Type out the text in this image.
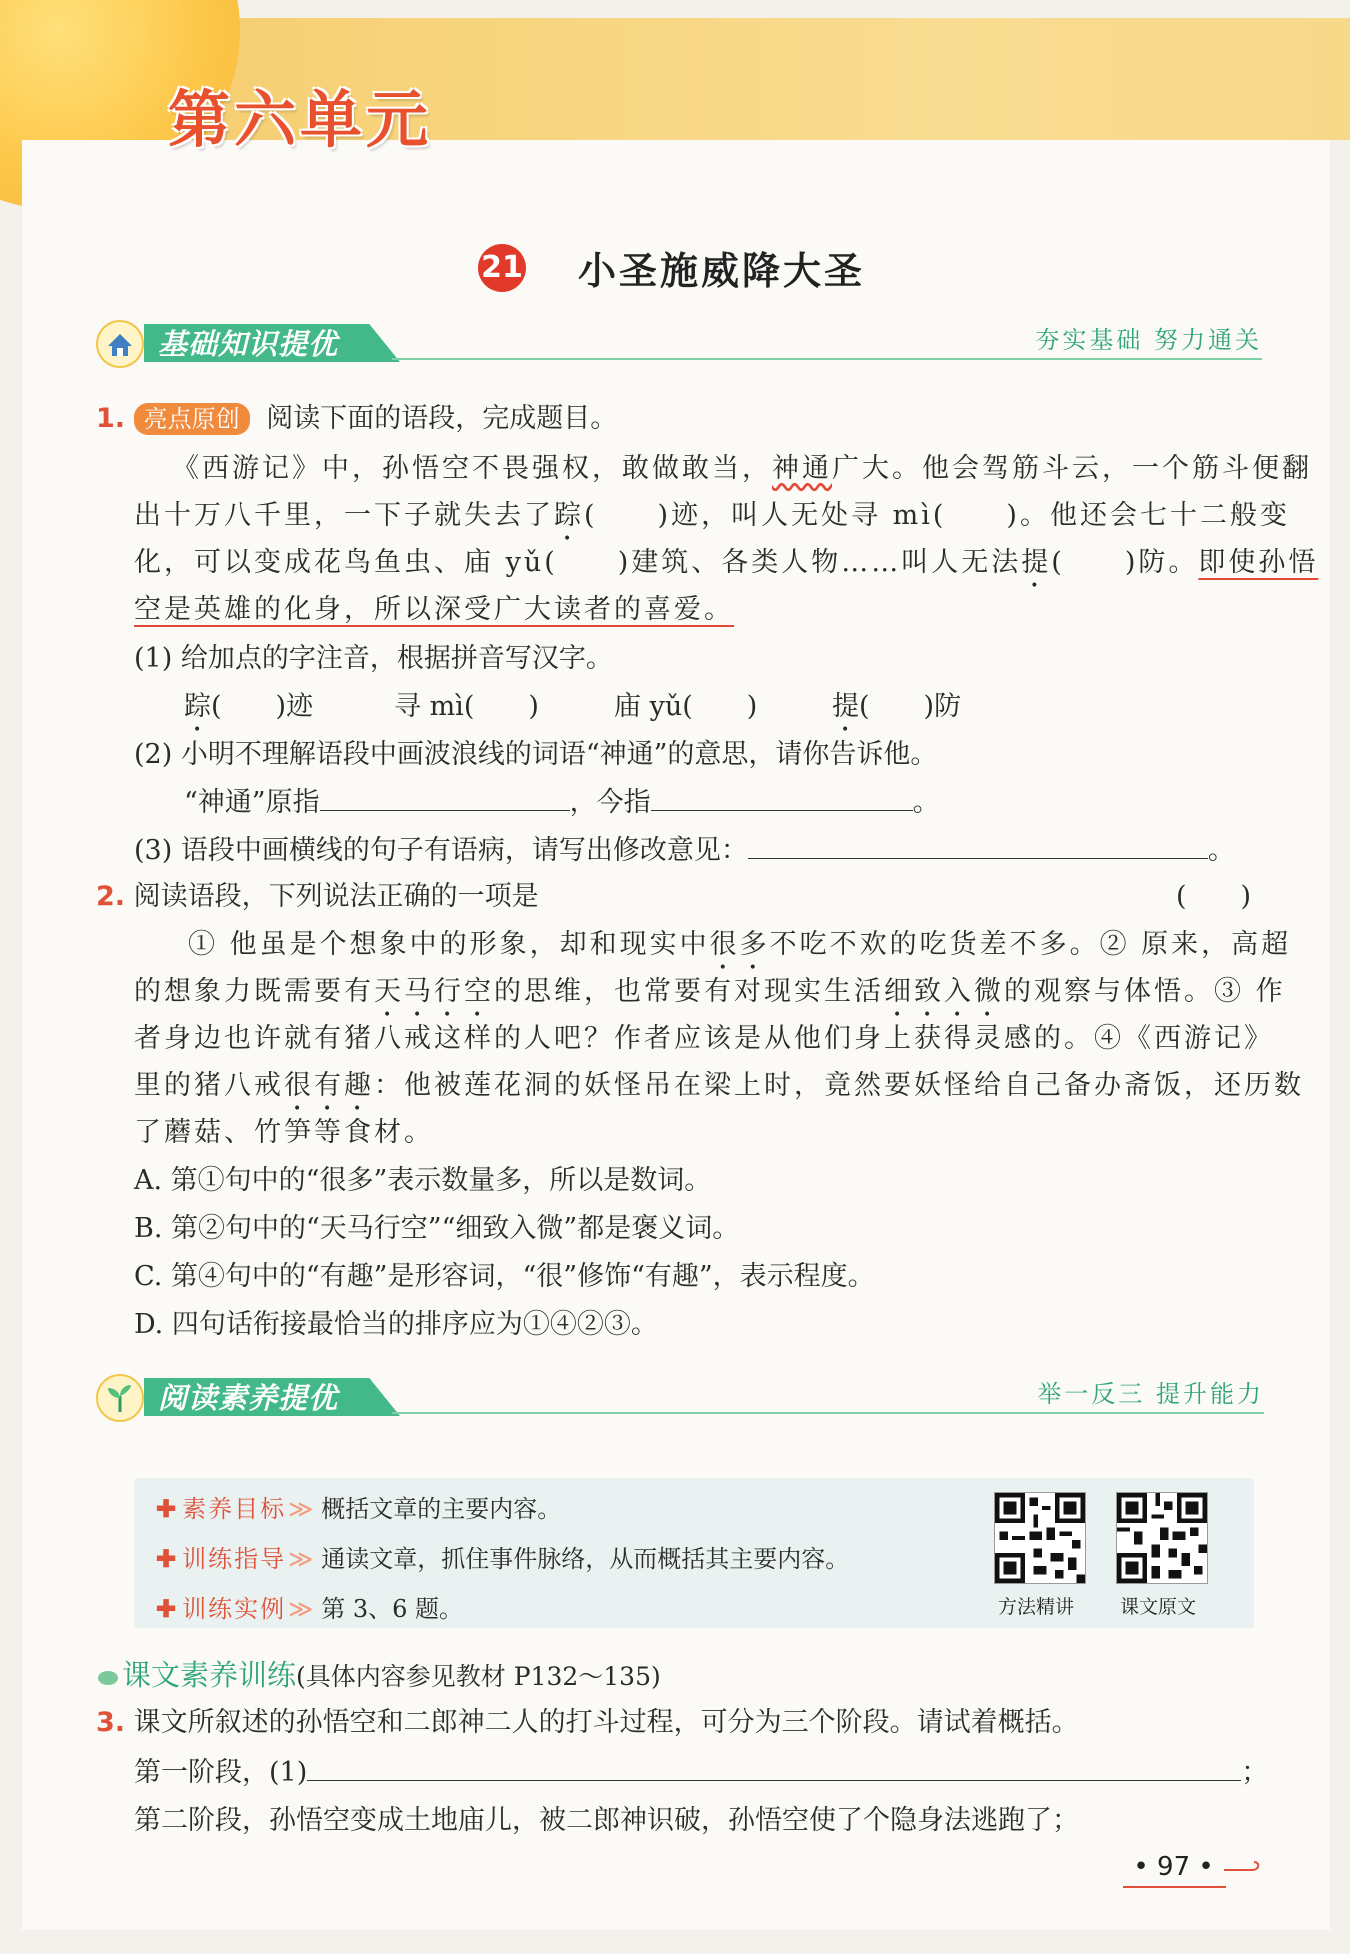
第六单元
21 小圣施威降大圣
基础知识提优	夯实基础 努力通关
1. 亮点原创 阅读下面的语段，完成题目。
《西游记》中，孙悟空不畏强权，敢做敢当，神通广大。他会驾筋斗云，一个筋斗便翻
出十万八千里，一下子就失去了踪(　　)迹，叫人无处寻 mì(　　)。他还会七十二般变
化，可以变成花鸟鱼虫、庙 yǔ(　　)建筑、各类人物……叫人无法提(　　)防。即使孙悟
空是英雄的化身，所以深受广大读者的喜爱。
(1) 给加点的字注音，根据拼音写汉字。
踪(　　)迹	寻 mì(　　)	庙 yǔ(　　)	提(　　)防
(2) 小明不理解语段中画波浪线的词语“神通”的意思，请你告诉他。
“神通”原指	，今指	。
(3) 语段中画横线的句子有语病，请写出修改意见：	。
2. 阅读语段，下列说法正确的一项是	(　　)
① 他虽是个想象中的形象，却和现实中很多不吃不欢的吃货差不多。② 原来，高超
的想象力既需要有天马行空的思维，也常要有对现实生活细致入微的观察与体悟。③ 作
者身边也许就有猪八戒这样的人吧？作者应该是从他们身上获得灵感的。④《西游记》
里的猪八戒很有趣：他被莲花洞的妖怪吊在梁上时，竟然要妖怪给自己备办斋饭，还历数
了蘑菇、竹笋等食材。
A. 第①句中的“很多”表示数量多，所以是数词。
B. 第②句中的“天马行空”“细致入微”都是褒义词。
C. 第④句中的“有趣”是形容词，“很”修饰“有趣”，表示程度。
D. 四句话衔接最恰当的排序应为①④②③。
阅读素养提优	举一反三 提升能力
✚ 素养目标≫ 概括文章的主要内容。
✚ 训练指导≫ 通读文章，抓住事件脉络，从而概括其主要内容。
✚ 训练实例≫ 第 3、6 题。	方法精讲 课文原文
课文素养训练(具体内容参见教材 P132～135)
3. 课文所叙述的孙悟空和二郎神二人的打斗过程，可分为三个阶段。请试着概括。
第一阶段，(1)	；
第二阶段，孙悟空变成土地庙儿，被二郎神识破，孙悟空使了个隐身法逃跑了；
• 97 •
